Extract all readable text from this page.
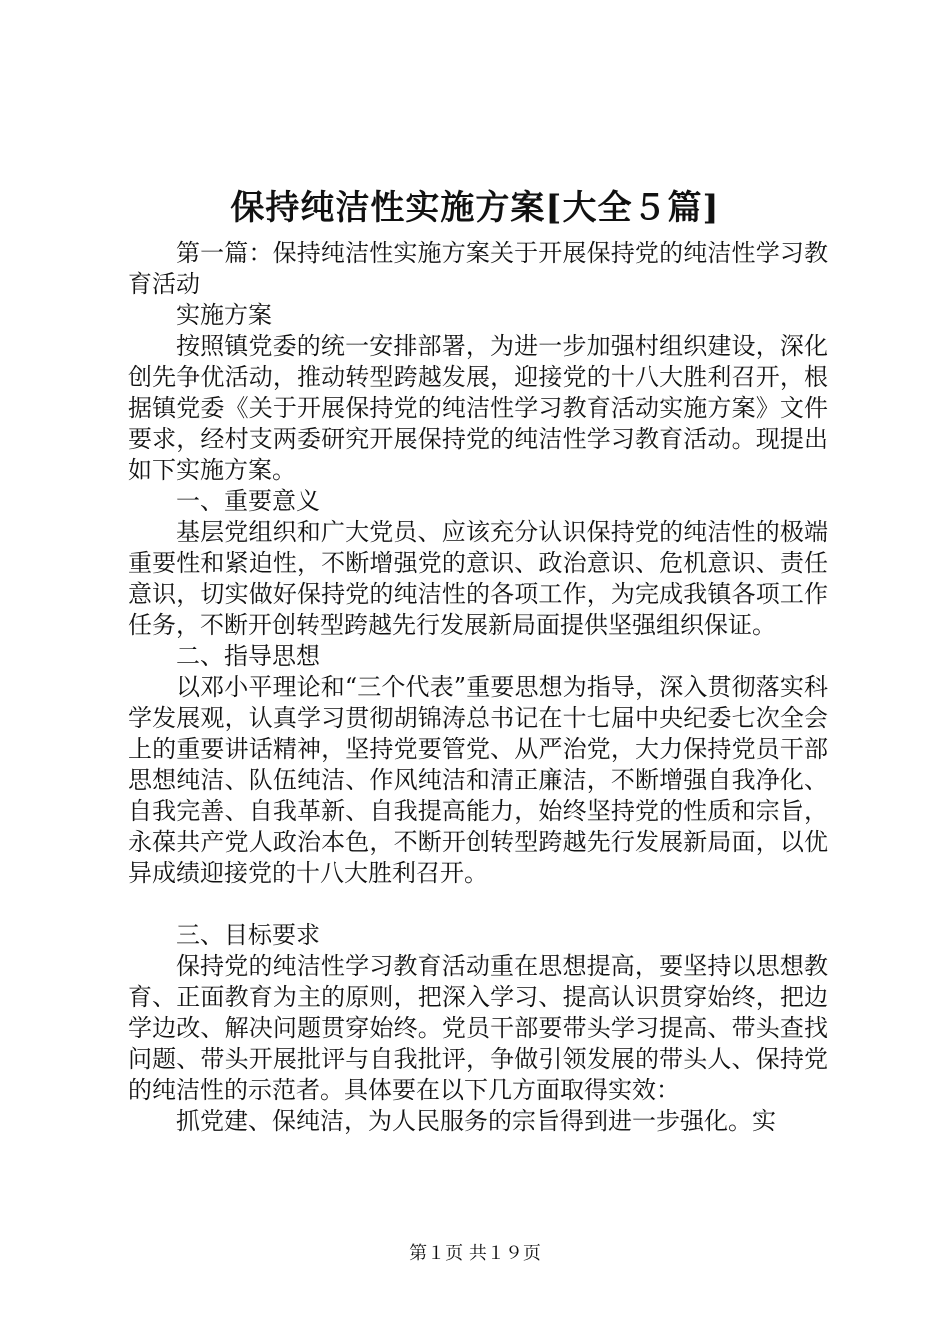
保持纯洁性实施方案[大全５篇]

第一篇：保持纯洁性实施方案关于开展保持党的纯洁性学习教育活动

实施方案

按照镇党委的统一安排部署，为进一步加强村组织建设，深化创先争优活动，推动转型跨越发展，迎接党的十八大胜利召开，根据镇党委《关于开展保持党的纯洁性学习教育活动实施方案》文件要求，经村支两委研究开展保持党的纯洁性学习教育活动。现提出如下实施方案。

一、重要意义

基层党组织和广大党员、应该充分认识保持党的纯洁性的极端重要性和紧迫性，不断增强党的意识、政治意识、危机意识、责任意识，切实做好保持党的纯洁性的各项工作，为完成我镇各项工作任务，不断开创转型跨越先行发展新局面提供坚强组织保证。

二、指导思想

以邓小平理论和“三个代表”重要思想为指导，深入贯彻落实科学发展观，认真学习贯彻胡锦涛总书记在十七届中央纪委七次全会上的重要讲话精神，坚持党要管党、从严治党，大力保持党员干部思想纯洁、队伍纯洁、作风纯洁和清正廉洁，不断增强自我净化、自我完善、自我革新、自我提高能力，始终坚持党的性质和宗旨，永葆共产党人政治本色，不断开创转型跨越先行发展新局面，以优异成绩迎接党的十八大胜利召开。

三、目标要求

保持党的纯洁性学习教育活动重在思想提高，要坚持以思想教育、正面教育为主的原则，把深入学习、提高认识贯穿始终，把边学边改、解决问题贯穿始终。党员干部要带头学习提高、带头查找问题、带头开展批评与自我批评，争做引领发展的带头人、保持党的纯洁性的示范者。具体要在以下几方面取得实效：

抓党建、保纯洁，为人民服务的宗旨得到进一步强化。实

第１页 共１９页
